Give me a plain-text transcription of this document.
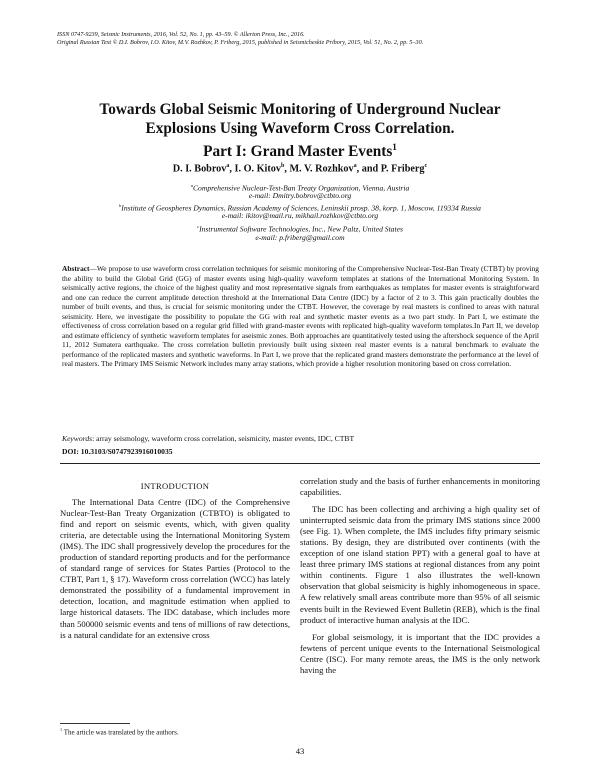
ISSN 0747-9239, Seismic Instruments, 2016, Vol. 52, No. 1, pp. 43–59. © Allerton Press, Inc., 2016.
Original Russian Text © D.I. Bobrov, I.O. Kitov, M.V. Rozhkov, P. Friberg, 2015, published in Seismicheskie Pribory, 2015, Vol. 51, No. 2, pp. 5–30.
Towards Global Seismic Monitoring of Underground Nuclear
Explosions Using Waveform Cross Correlation.
Part I: Grand Master Events$^1$
D. I. Bobrov$^a$, I. O. Kitov$^b$, M. V. Rozhkov$^a$, and P. Friberg$^c$
$^a$Comprehensive Nuclear-Test-Ban Treaty Organization, Vienna, Austria
e-mail: Dmitry.bobrov@ctbto.org
$^b$Institute of Geospheres Dynamics, Russian Academy of Sciences, Leninskii prosp. 38, korp. 1, Moscow, 119334 Russia
e-mail: ikitov@mail.ru, mikhail.rozhkov@ctbto.org
$^c$Instrumental Software Technologies, Inc., New Paltz, United States
e-mail: p.friberg@gmail.com
Abstract—We propose to use waveform cross correlation techniques for seismic monitoring of the Comprehensive Nuclear-Test-Ban Treaty (CTBT) by proving the ability to build the Global Grid (GG) of master events using high-quality waveform templates at stations of the International Monitoring System. In seismically active regions, the choice of the highest quality and most representative signals from earthquakes as templates for master events is straightforward and one can reduce the current amplitude detection threshold at the International Data Centre (IDC) by a factor of 2 to 3. This gain practically doubles the number of built events, and thus, is crucial for seismic monitoring under the CTBT. However, the coverage by real masters is confined to areas with natural seismicity. Here, we investigate the possibility to populate the GG with real and synthetic master events as a two part study. In Part I, we estimate the effectiveness of cross correlation based on a regular grid filled with grand-master events with replicated high-quality waveform templates.In Part II, we develop and estimate efficiency of synthetic waveform templates for aseismic zones. Both approaches are quantitatively tested using the aftershock sequence of the April 11, 2012 Sumatera earthquake. The cross correlation bulletin previously built using sixteen real master events is a natural benchmark to evaluate the performance of the replicated masters and synthetic waveforms. In Part I, we prove that the replicated grand masters demonstrate the performance at the level of real masters. The Primary IMS Seismic Network includes many array stations, which provide a higher resolution monitoring based on cross correlation.
Keywords: array seismology, waveform cross correlation, seismicity, master events, IDC, CTBT
DOI: 10.3103/S0747923916010035
INTRODUCTION

The International Data Centre (IDC) of the Comprehensive Nuclear-Test-Ban Treaty Organization (CTBTO) is obligated to find and report on seismic events, which, with given quality criteria, are detectable using the International Monitoring System (IMS). The IDC shall progressively develop the procedures for the production of standard reporting products and for the performance of standard range of services for States Parties (Protocol to the CTBT, Part 1, § 17). Waveform cross correlation (WCC) has lately demonstrated the possibility of a fundamental improvement in detection, location, and magnitude estimation when applied to large historical datasets. The IDC database, which includes more than 500000 seismic events and tens of millions of raw detections, is a natural candidate for an extensive cross

correlation study and the basis of further enhancements in monitoring capabilities.

The IDC has been collecting and archiving a high quality set of uninterrupted seismic data from the primary IMS stations since 2000 (see Fig. 1). When complete, the IMS includes fifty primary seismic stations. By design, they are distributed over continents (with the exception of one island station PPT) with a general goal to have at least three primary IMS stations at regional distances from any point within continents. Figure 1 also illustrates the well-known observation that global seismicity is highly inhomogeneous in space. A few relatively small areas contribute more than 95% of all seismic events built in the Reviewed Event Bulletin (REB), which is the final product of interactive human analysis at the IDC.

For global seismology, it is important that the IDC provides a fewtens of percent unique events to the International Seismological Centre (ISC). For many remote areas, the IMS is the only network having the

$^1$ The article was translated by the authors.
43
